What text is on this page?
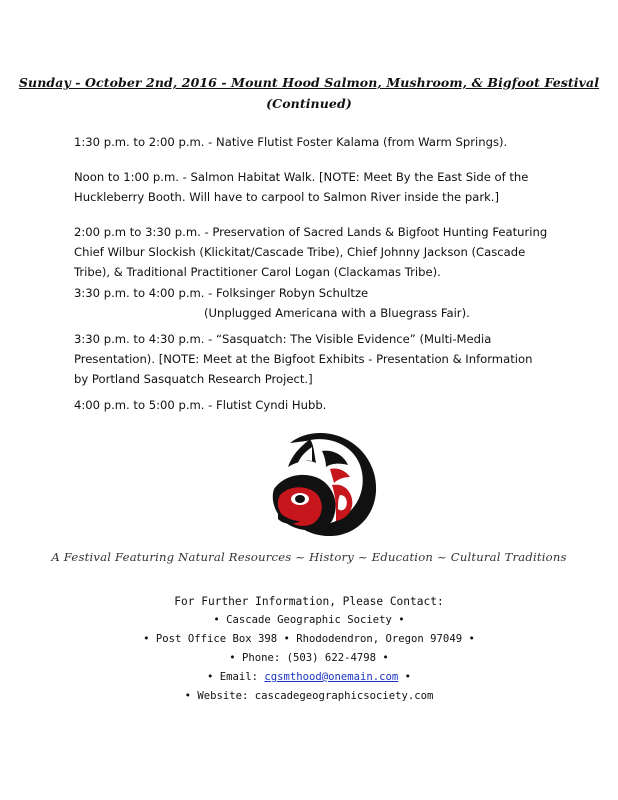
Sunday - October 2nd, 2016 - Mount Hood Salmon, Mushroom, & Bigfoot Festival
(Continued)
1:30 p.m. to 2:00 p.m. - Native Flutist Foster Kalama (from Warm Springs).
Noon to 1:00 p.m. - Salmon Habitat Walk. [NOTE: Meet By the East Side of the
Huckleberry Booth. Will have to carpool to Salmon River inside the park.]
2:00 p.m to 3:30 p.m. - Preservation of Sacred Lands & Bigfoot Hunting Featuring
Chief Wilbur Slockish (Klickitat/Cascade Tribe), Chief Johnny Jackson (Cascade
Tribe), & Traditional Practitioner Carol Logan (Clackamas Tribe).
3:30 p.m. to 4:00 p.m. - Folksinger Robyn Schultze
(Unplugged Americana with a Bluegrass Fair).
3:30 p.m. to 4:30 p.m. - “Sasquatch: The Visible Evidence” (Multi-Media
Presentation). [NOTE: Meet at the Bigfoot Exhibits - Presentation & Information
by Portland Sasquatch Research Project.]
4:00 p.m. to 5:00 p.m. - Flutist Cyndi Hubb.
A Festival Featuring Natural Resources ~ History ~ Education ~ Cultural Traditions
For Further Information, Please Contact:
• Cascade Geographic Society •
• Post Office Box 398 • Rhododendron, Oregon 97049 •
• Phone: (503) 622-4798 •
• Email: cgsmthood@onemain.com •
• Website: cascadegeographicsociety.com
